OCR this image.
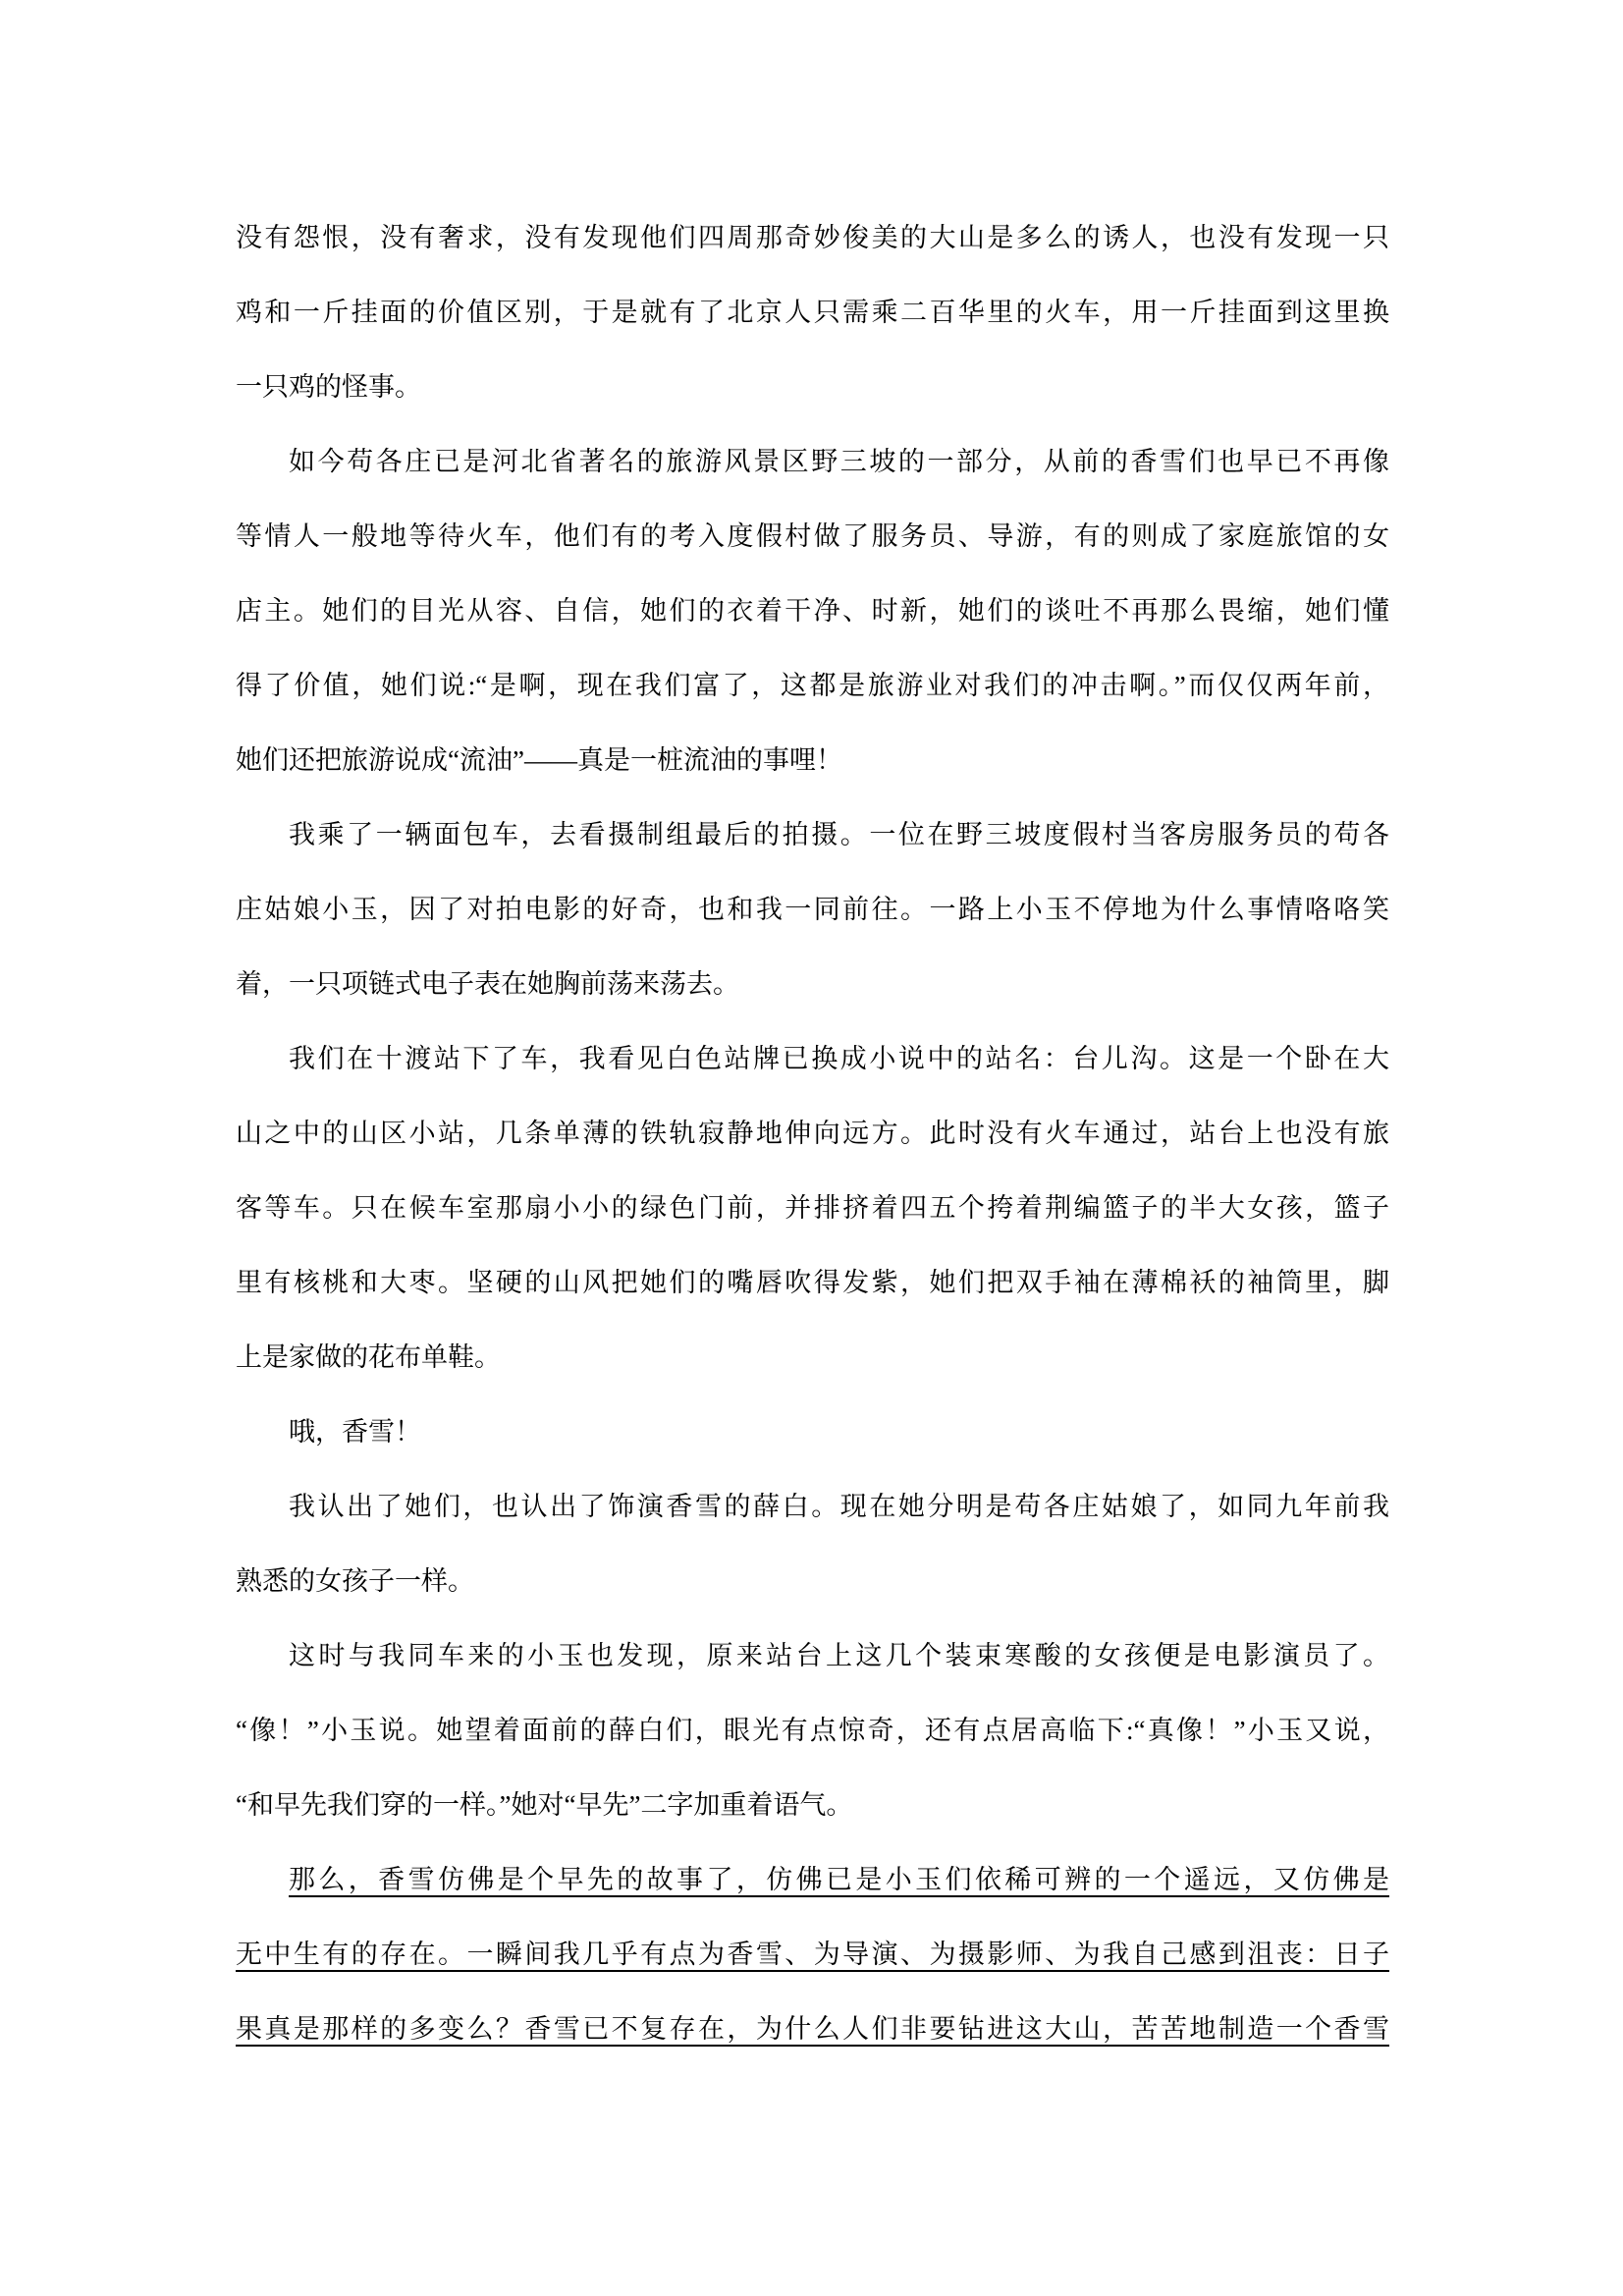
没有怨恨，没有奢求，没有发现他们四周那奇妙俊美的大山是多么的诱人，也没有发现一只
鸡和一斤挂面的价值区别，于是就有了北京人只需乘二百华里的火车，用一斤挂面到这里换
一只鸡的怪事。
如今苟各庄已是河北省著名的旅游风景区野三坡的一部分，从前的香雪们也早已不再像
等情人一般地等待火车，他们有的考入度假村做了服务员、导游，有的则成了家庭旅馆的女
店主。她们的目光从容、自信，她们的衣着干净、时新，她们的谈吐不再那么畏缩，她们懂
得了价值，她们说:“是啊，现在我们富了，这都是旅游业对我们的冲击啊。”而仅仅两年前，
她们还把旅游说成“流油”——真是一桩流油的事哩！
我乘了一辆面包车，去看摄制组最后的拍摄。一位在野三坡度假村当客房服务员的苟各
庄姑娘小玉，因了对拍电影的好奇，也和我一同前往。一路上小玉不停地为什么事情咯咯笑
着，一只项链式电子表在她胸前荡来荡去。
我们在十渡站下了车，我看见白色站牌已换成小说中的站名：台儿沟。这是一个卧在大
山之中的山区小站，几条单薄的铁轨寂静地伸向远方。此时没有火车通过，站台上也没有旅
客等车。只在候车室那扇小小的绿色门前，并排挤着四五个挎着荆编篮子的半大女孩，篮子
里有核桃和大枣。坚硬的山风把她们的嘴唇吹得发紫，她们把双手袖在薄棉袄的袖筒里，脚
上是家做的花布单鞋。
哦，香雪！
我认出了她们，也认出了饰演香雪的薛白。现在她分明是苟各庄姑娘了，如同九年前我
熟悉的女孩子一样。
这时与我同车来的小玉也发现，原来站台上这几个装束寒酸的女孩便是电影演员了。
“像！”小玉说。她望着面前的薛白们，眼光有点惊奇，还有点居高临下:“真像！”小玉又说，
“和早先我们穿的一样。”她对“早先”二字加重着语气。
那么，香雪仿佛是个早先的故事了，仿佛已是小玉们依稀可辨的一个遥远，又仿佛是
无中生有的存在。一瞬间我几乎有点为香雪、为导演、为摄影师、为我自己感到沮丧：日子
果真是那样的多变么？香雪已不复存在，为什么人们非要钻进这大山，苦苦地制造一个香雪
